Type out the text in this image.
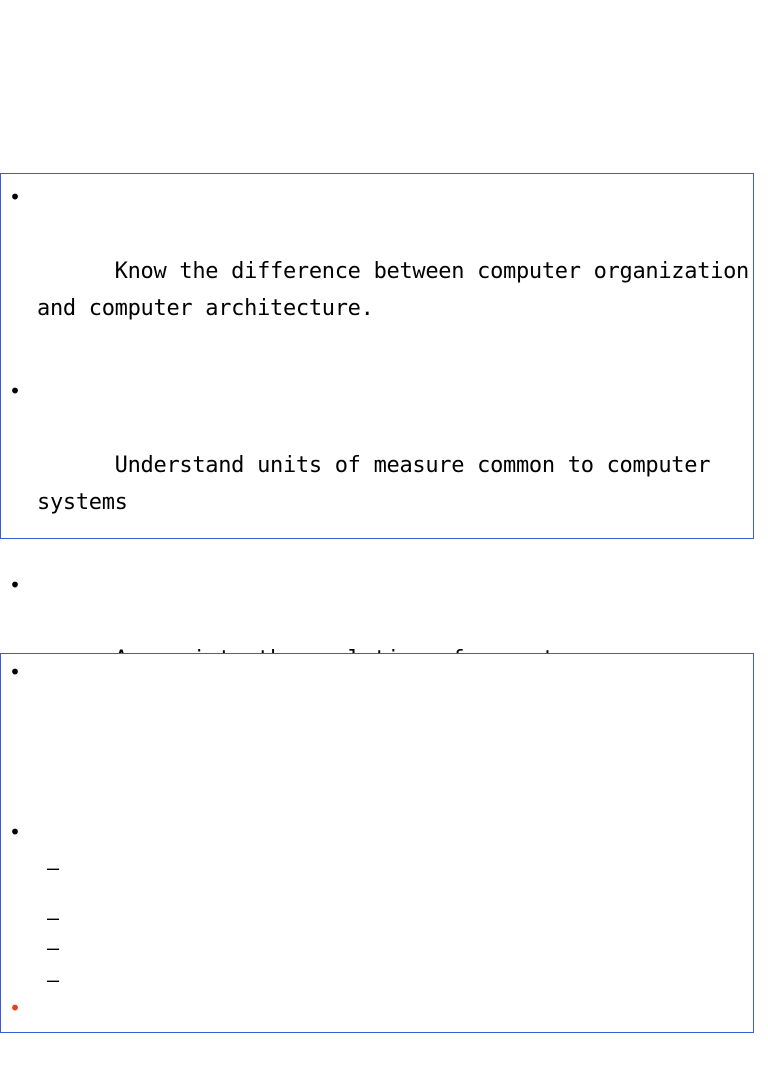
•

Know the difference between computer organization and computer architecture.

•

Understand units of measure common to computer systems

•

•
•
–
–
–
–
•
